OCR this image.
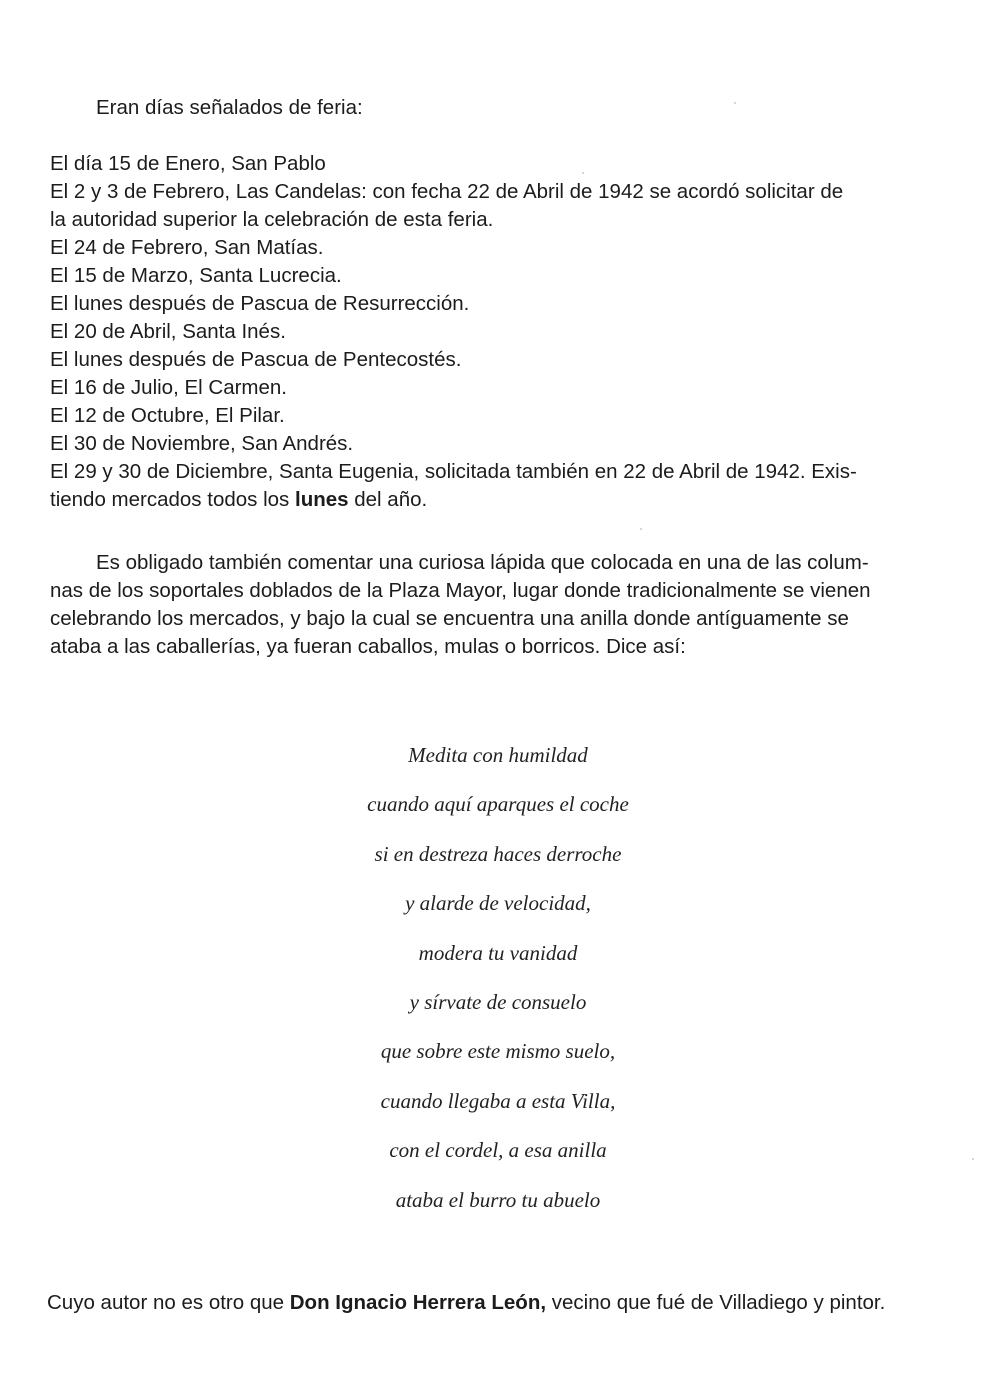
Eran días señalados de feria:

El día 15 de Enero, San Pablo
El 2 y 3 de Febrero, Las Candelas: con fecha 22 de Abril de 1942 se acordó solicitar de
la autoridad superior la celebración de esta feria.
El 24 de Febrero, San Matías.
El 15 de Marzo, Santa Lucrecia.
El lunes después de Pascua de Resurrección.
El 20 de Abril, Santa Inés.
El lunes después de Pascua de Pentecostés.
El 16 de Julio, El Carmen.
El 12 de Octubre, El Pilar.
El 30 de Noviembre, San Andrés.
El 29 y 30 de Diciembre, Santa Eugenia, solicitada también en 22 de Abril de 1942. Exis-
tiendo mercados todos los lunes del año.

Es obligado también comentar una curiosa lápida que colocada en una de las colum-
nas de los soportales doblados de la Plaza Mayor, lugar donde tradicionalmente se vienen
celebrando los mercados, y bajo la cual se encuentra una anilla donde antíguamente se
ataba a las caballerías, ya fueran caballos, mulas o borricos. Dice así:

Medita con humildad
cuando aquí aparques el coche
si en destreza haces derroche
y alarde de velocidad,
modera tu vanidad
y sírvate de consuelo
que sobre este mismo suelo,
cuando llegaba a esta Villa,
con el cordel, a esa anilla
ataba el burro tu abuelo

Cuyo autor no es otro que Don Ignacio Herrera León, vecino que fué de Villadiego y pintor.
